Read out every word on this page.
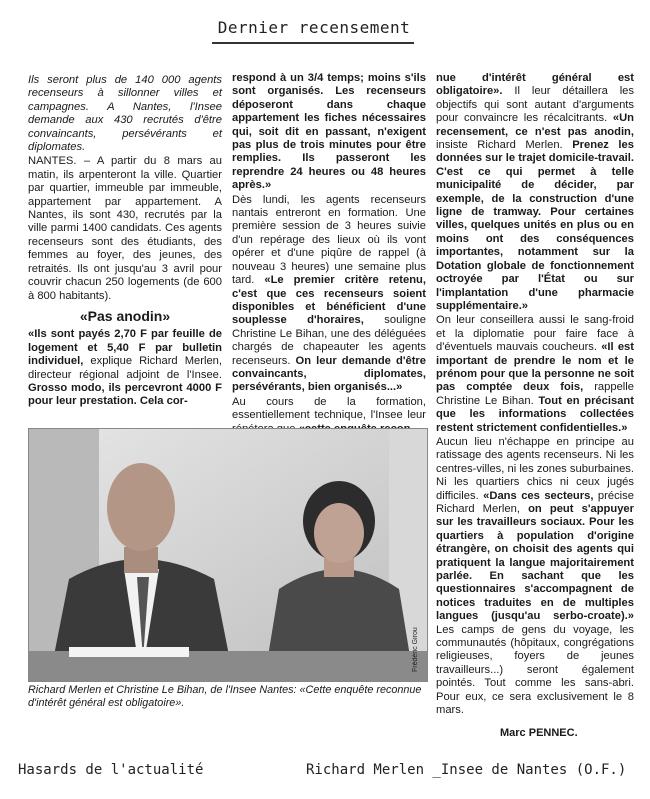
Dernier recensement

Ils seront plus de 140 000 agents recenseurs à sillonner villes et campagnes. A Nantes, l'Insee demande aux 430 recrutés d'être convaincants, persévérants et diplomates.

NANTES. – A partir du 8 mars au matin, ils arpenteront la ville. Quartier par quartier, immeuble par immeuble, appartement par appartement. A Nantes, ils sont 430, recrutés par la ville parmi 1400 candidats. Ces agents recenseurs sont des étudiants, des femmes au foyer, des jeunes, des retraités. Ils ont jusqu'au 3 avril pour couvrir chacun 250 logements (de 600 à 800 habitants).

«Pas anodin»

«Ils sont payés 2,70 F par feuille de logement et 5,40 F par bulletin individuel, explique Richard Merlen, directeur régional adjoint de l'Insee. Grosso modo, ils percevront 4000 F pour leur prestation. Cela cor-

respond à un 3/4 temps; moins s'ils sont organisés. Les recenseurs déposeront dans chaque appartement les fiches nécessaires qui, soit dit en passant, n'exigent pas plus de trois minutes pour être remplies. Ils passeront les reprendre 24 heures ou 48 heures après.»

Dès lundi, les agents recenseurs nantais entreront en formation. Une première session de 3 heures suivie d'un repérage des lieux où ils vont opérer et d'une piqûre de rappel (à nouveau 3 heures) une semaine plus tard. «Le premier critère retenu, c'est que ces recenseurs soient disponibles et bénéficient d'une souplesse d'horaires, souligne Christine Le Bihan, une des déléguées chargés de chapeauter les agents recenseurs. On leur demande d'être convaincants, diplomates, persévérants, bien organisés...»

Au cours de la formation, essentiellement technique, l'Insee leur

nue d'intérêt général est obligatoire». Il leur détaillera les objectifs qui sont autant d'arguments pour convaincre les récalcitrants. «Un recensement, ce n'est pas anodin, insiste Richard Merlen. Prenez les données sur le trajet domicile-travail. C'est ce qui permet à telle municipalité de décider, par exemple, de la construction d'une ligne de tramway. Pour certaines villes, quelques unités en plus ou en moins ont des conséquences importantes, notamment sur la Dotation globale de fonctionnement octroyée par l'État ou sur l'implantation d'une pharmacie supplémentaire.»

On leur conseillera aussi le sang-froid et la diplomatie pour faire face à d'éventuels mauvais coucheurs. «Il est important de prendre le nom et le prénom pour que la personne ne soit pas comptée deux fois, rappelle Christine Le Bihan. Tout en précisant que les informations collectées restent strictement confidentielles.»

Aucun lieu n'échappe en principe au ratissage des agents recenseurs. Ni les centres-villes, ni les zones suburbaines. Ni les quartiers chics ni ceux jugés difficiles. «Dans ces secteurs, précise Richard Merlen, on peut s'appuyer sur les travailleurs sociaux. Pour les quartiers à population d'origine étrangère, on choisit des agents qui pratiquent la langue majoritairement parlée. En sachant que les questionnaires s'accompagnent de notices traduites en de multiples langues (jusqu'au serbo-croate).» Les camps de gens du voyage, les communautés (hôpitaux, congrégations religieuses, foyers de jeunes travailleurs...) seront également pointés. Tout comme les sans-abri. Pour eux, ce sera exclusivement le 8 mars.

Frédéric Girou
Richard Merlen et Christine Le Bihan, de l'Insee Nantes: «Cette enquête reconnue d'intérêt général est obligatoire».
Marc PENNEC.
Hasards de l'actualité	Richard Merlen _Insee de Nantes (O.F.)
